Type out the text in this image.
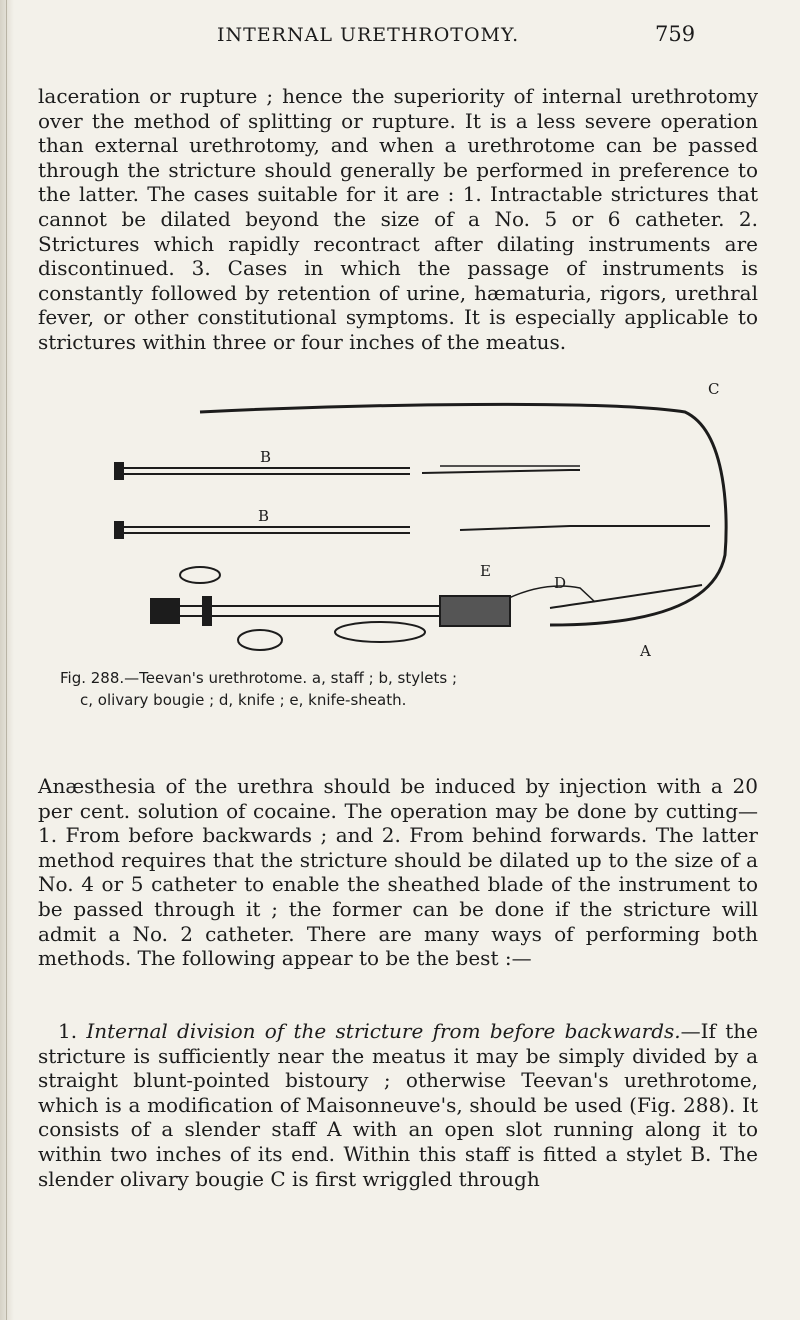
INTERNAL URETHROTOMY.	759
laceration or rupture ; hence the superiority of internal urethrotomy over the method of splitting or rupture. It is a less severe operation than external urethrotomy, and when a urethrotome can be passed through the stricture should generally be performed in preference to the latter. The cases suitable for it are : 1. Intractable strictures that cannot be dilated beyond the size of a No. 5 or 6 catheter. 2. Strictures which rapidly recontract after dilating instruments are discontinued. 3. Cases in which the passage of instruments is constantly followed by retention of urine, hæmaturia, rigors, urethral fever, or other constitutional symptoms. It is especially applicable to strictures within three or four inches of the meatus.
C
B
B
E
D
A
Fig. 288.—Teevan's urethrotome. a, staff ; b, stylets ;
c, olivary bougie ; d, knife ; e, knife-sheath.
Anæsthesia of the urethra should be induced by injection with a 20 per cent. solution of cocaine. The operation may be done by cutting—1. From before backwards ; and 2. From behind forwards. The latter method requires that the stricture should be dilated up to the size of a No. 4 or 5 catheter to enable the sheathed blade of the instrument to be passed through it ; the former can be done if the stricture will admit a No. 2 catheter. There are many ways of performing both methods. The following appear to be the best :—
1. Internal division of the stricture from before backwards.—If the stricture is sufficiently near the meatus it may be simply divided by a straight blunt-pointed bistoury ; otherwise Teevan's urethrotome, which is a modification of Maisonneuve's, should be used (Fig. 288). It consists of a slender staff A with an open slot running along it to within two inches of its end. Within this staff is fitted a stylet B. The slender olivary bougie C is first wriggled through
